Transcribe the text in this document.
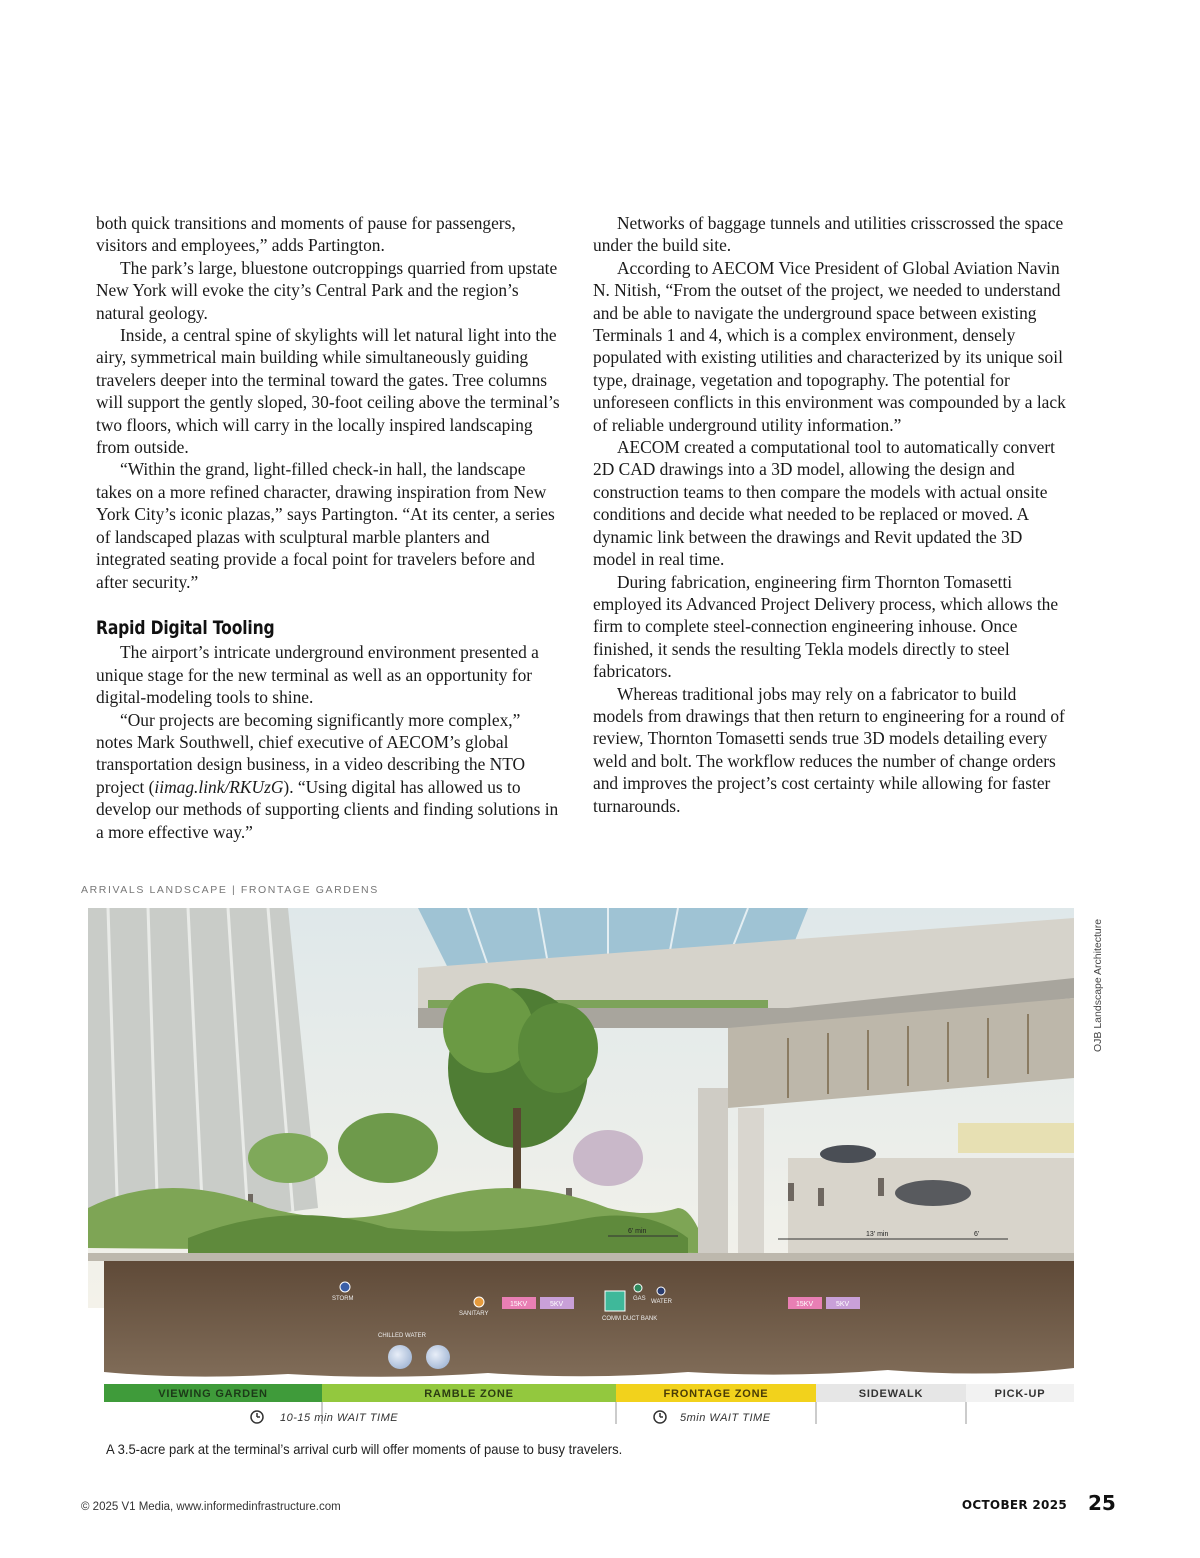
both quick transitions and moments of pause for passengers, visitors and employees,” adds Partington.

The park’s large, bluestone outcroppings quarried from upstate New York will evoke the city’s Central Park and the region’s natural geology.

Inside, a central spine of skylights will let natural light into the airy, symmetrical main building while simultaneously guiding travelers deeper into the terminal toward the gates. Tree columns will support the gently sloped, 30-foot ceiling above the terminal’s two floors, which will carry in the locally inspired landscaping from outside.

“Within the grand, light-filled check-in hall, the landscape takes on a more refined character, drawing inspiration from New York City’s iconic plazas,” says Partington. “At its center, a series of landscaped plazas with sculptural marble planters and integrated seating provide a focal point for travelers before and after security.”

Rapid Digital Tooling

The airport’s intricate underground environment presented a unique stage for the new terminal as well as an opportunity for digital-modeling tools to shine.

“Our projects are becoming significantly more complex,” notes Mark Southwell, chief executive of AECOM’s global transportation design business, in a video describing the NTO project (iimag.link/RKUzG). “Using digital has allowed us to develop our methods of supporting clients and finding solutions in a more effective way.”

Networks of baggage tunnels and utilities crisscrossed the space under the build site.

According to AECOM Vice President of Global Aviation Navin N. Nitish, “From the outset of the project, we needed to understand and be able to navigate the underground space between existing Terminals 1 and 4, which is a complex environment, densely populated with existing utilities and characterized by its unique soil type, drainage, vegetation and topography. The potential for unforeseen conflicts in this environment was compounded by a lack of reliable underground utility information.”

AECOM created a computational tool to automatically convert 2D CAD drawings into a 3D model, allowing the design and construction teams to then compare the models with actual onsite conditions and decide what needed to be replaced or moved. A dynamic link between the drawings and Revit updated the 3D model in real time.

During fabrication, engineering firm Thornton Tomasetti employed its Advanced Project Delivery process, which allows the firm to complete steel-connection engineering inhouse. Once finished, it sends the resulting Tekla models directly to steel fabricators.

Whereas traditional jobs may rely on a fabricator to build models from drawings that then return to engineering for a round of review, Thornton Tomasetti sends true 3D models detailing every weld and bolt. The workflow reduces the number of change orders and improves the project’s cost certainty while allowing for faster turnarounds.

ARRIVALS LANDSCAPE | FRONTAGE GARDENS
6' min	13' min	6'
STORM
SANITARY
CHILLED WATER
15KV	5KV
COMM DUCT BANK
GAS WATER	15KV	5KV
VIEWING GARDEN	RAMBLE ZONE	FRONTAGE ZONE	SIDEWALK	PICK-UP
10-15 min WAIT TIME	5min WAIT TIME
OJB Landscape Architecture
A 3.5-acre park at the terminal’s arrival curb will offer moments of pause to busy travelers.
© 2025 V1 Media, www.informedinfrastructure.com	OCTOBER 2025 25
